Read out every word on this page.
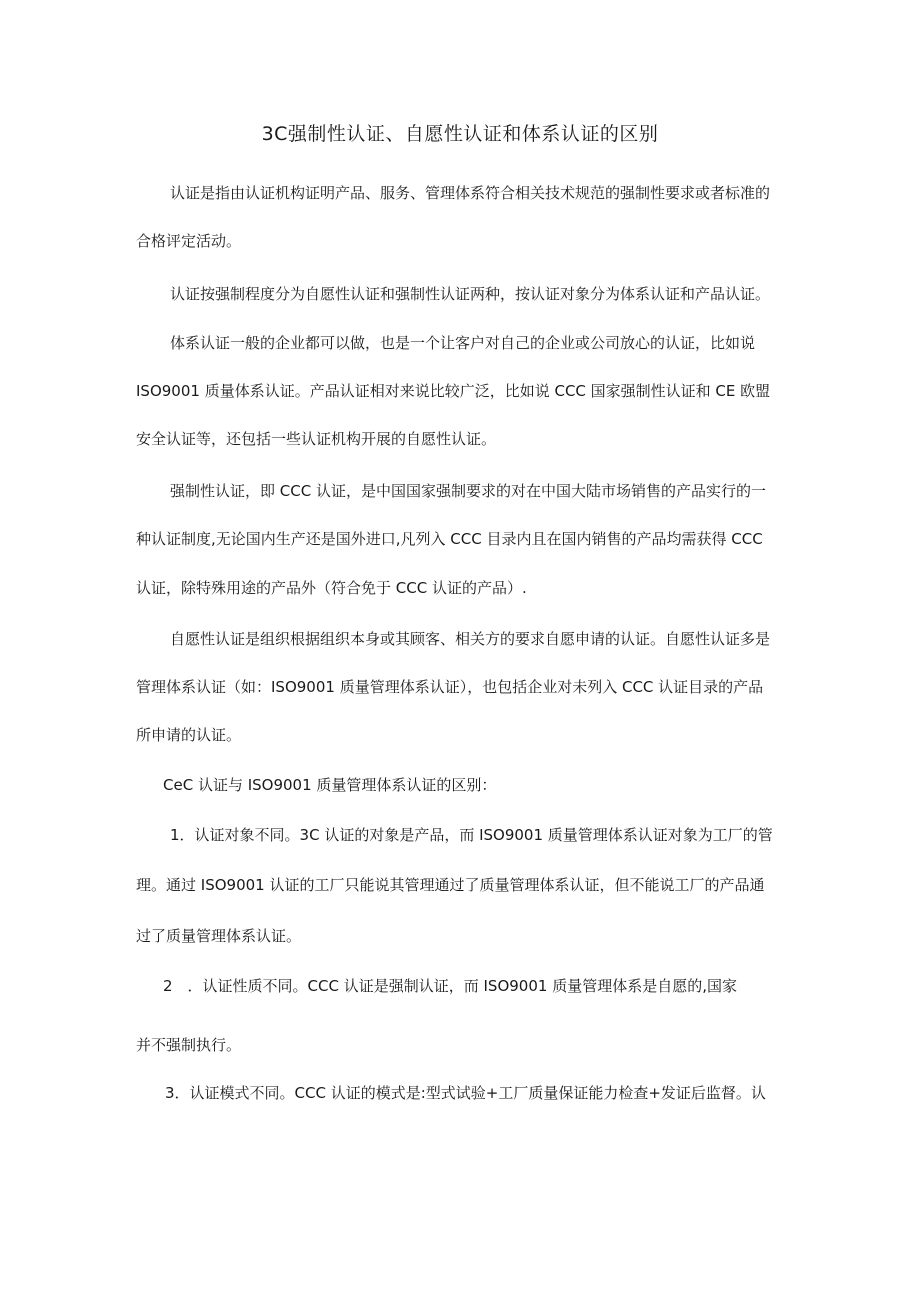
3C强制性认证、自愿性认证和体系认证的区别
认证是指由认证机构证明产品、服务、管理体系符合相关技术规范的强制性要求或者标准的
合格评定活动。
认证按强制程度分为自愿性认证和强制性认证两种，按认证对象分为体系认证和产品认证。
体系认证一般的企业都可以做，也是一个让客户对自己的企业或公司放心的认证，比如说
ISO9001 质量体系认证。产品认证相对来说比较广泛，比如说 CCC 国家强制性认证和 CE 欧盟
安全认证等，还包括一些认证机构开展的自愿性认证。
强制性认证，即 CCC 认证，是中国国家强制要求的对在中国大陆市场销售的产品实行的一
种认证制度,无论国内生产还是国外进口,凡列入 CCC 目录内且在国内销售的产品均需获得 CCC
认证，除特殊用途的产品外（符合免于 CCC 认证的产品）.
自愿性认证是组织根据组织本身或其顾客、相关方的要求自愿申请的认证。自愿性认证多是
管理体系认证（如：ISO9001 质量管理体系认证），也包括企业对未列入 CCC 认证目录的产品
所申请的认证。
CeC 认证与 ISO9001 质量管理体系认证的区别：
1．认证对象不同。3C 认证的对象是产品，而 ISO9001 质量管理体系认证对象为工厂的管
理。通过 ISO9001 认证的工厂只能说其管理通过了质量管理体系认证，但不能说工厂的产品通
过了质量管理体系认证。
2　．认证性质不同。CCC 认证是强制认证，而 ISO9001 质量管理体系是自愿的,国家
并不强制执行。
3．认证模式不同。CCC 认证的模式是:型式试验+工厂质量保证能力检查+发证后监督。认
